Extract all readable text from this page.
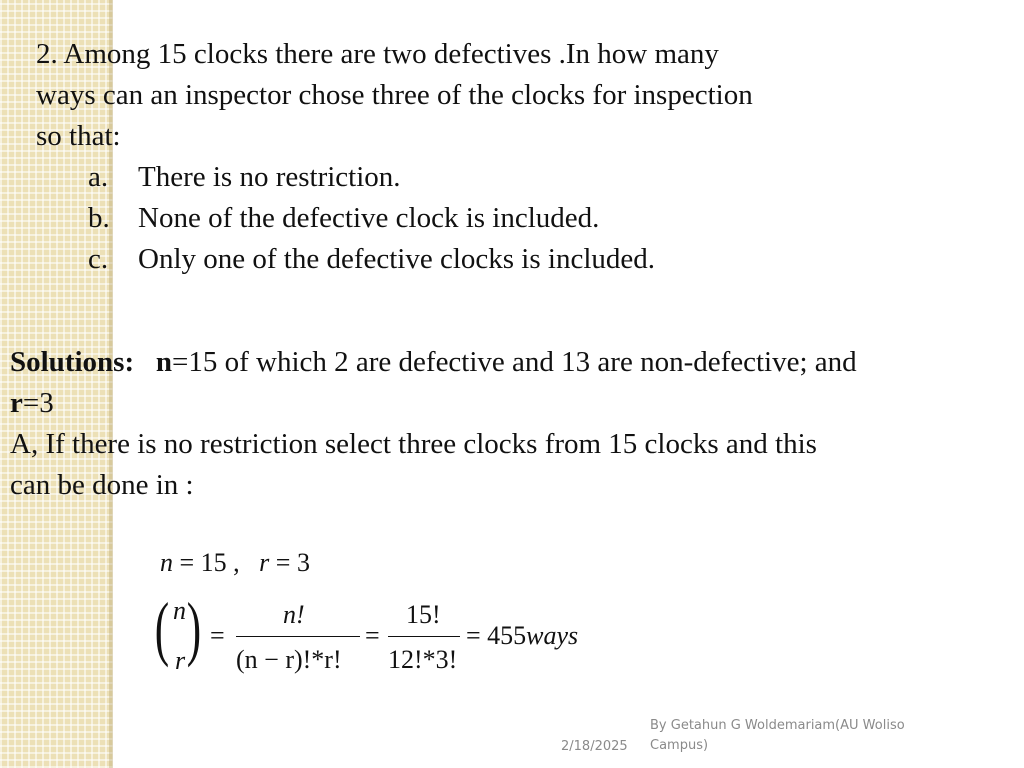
2. Among 15 clocks there are two defectives .In how many
ways can an inspector chose three of the clocks for inspection
so that:
a. There is no restriction.
b. None of the defective clock is included.
c. Only one of the defective clocks is included.
Solutions: n=15 of which 2 are defective and 13 are non-defective; and
r=3
A, If there is no restriction select three clocks from 15 clocks and this
can be done in :
n = 15 ,   r = 3
( )
n
r
=
n!
(n − r)!*r!
=
15!
12!*3!
= 455ways
2/18/2025
By Getahun G Woldemariam(AU Woliso Campus)
